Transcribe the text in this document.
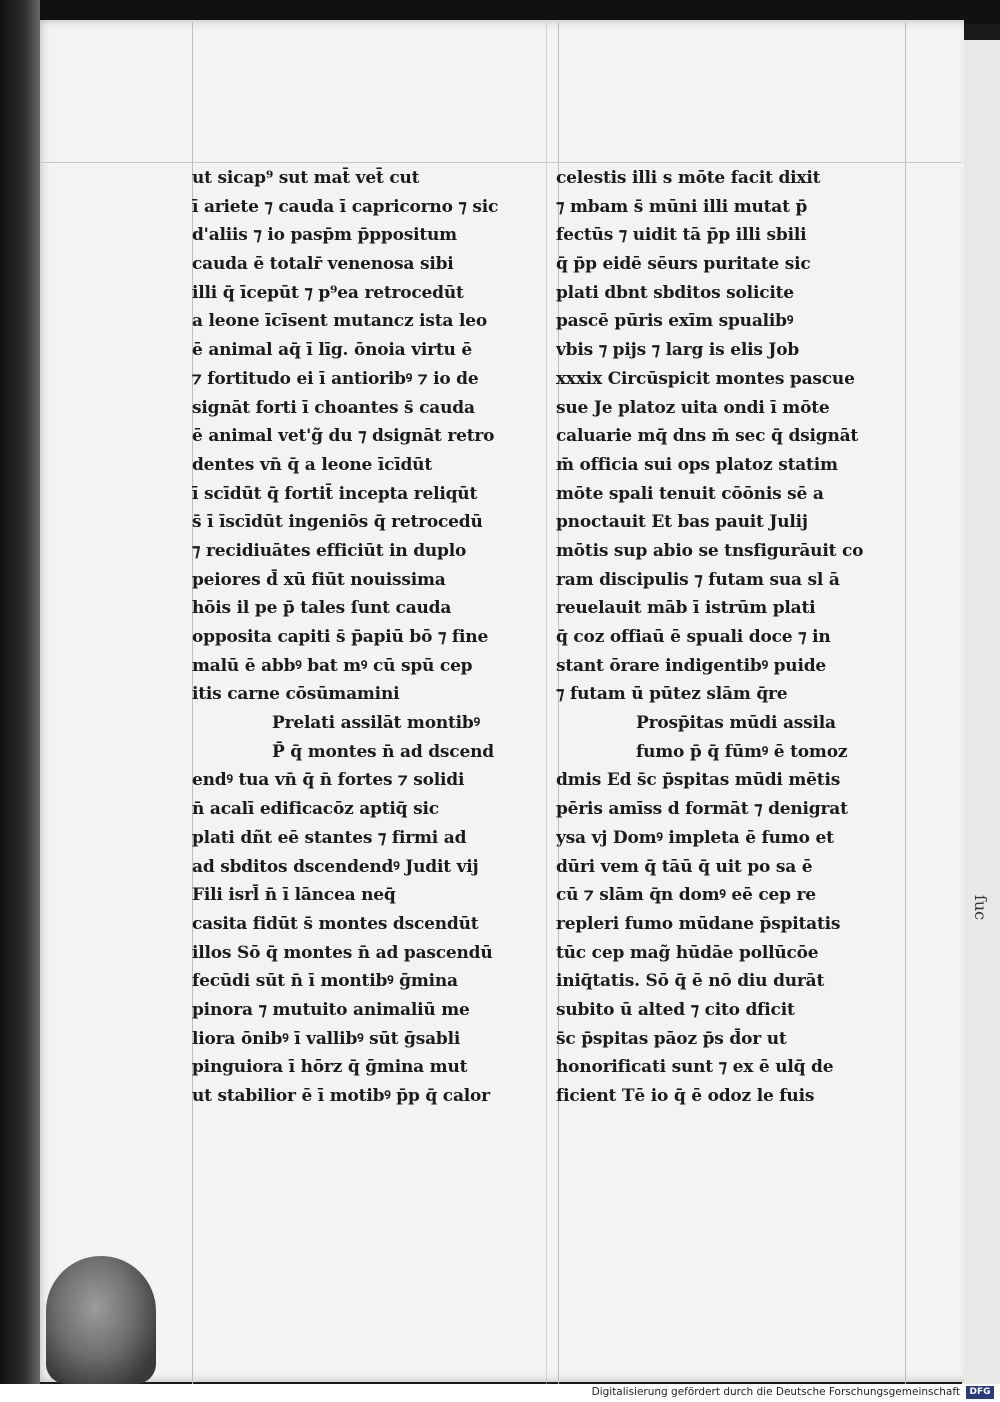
ut sicap⁹ sut mat̄ vet̄ cut
ī ariete ⁊ cauda ī capricorno ⁊ sic
d'aliis ⁊ io pasp̄m p̄ppositum
cauda ē totalr̄ venenosa sibi
illi q̄ īcepūt ⁊ p⁹ea retrocedūt
a leone īcīsent mutancz ista leo
ē animal aq̄ ī līg. ōnoia virtu ē
⁊ fortitudo ei ī antioribꝰ ⁊ io de
signāt forti ī choantes s̄ cauda
ē animal vet'g̃ du ⁊ dsignāt retro
dentes vn̄ q̄ a leone īcīdūt
ī scīdūt q̄ fortit̄ incepta reliqūt
s̄ ī īscīdūt ingeniōs q̄ retrocedū
⁊ recidiuātes efficiūt in duplo
peiores d̄ xū fiūt nouissima
hōis il pe p̄ tales ſunt cauda
opposita capiti s̄ p̄apiū bō ⁊ fine
malū ē abbꝰ bat mꝰ cū spū cep
itis carne cōsūmamini
Prelati assilāt montibꝰ
P̄ q̄ montes n̄ ad dscend
endꝰ tua vn̄ q̄ n̄ fortes ⁊ solidi
n̄ acalī edificacōz aptiq̄ sic
plati dñt eē stantes ⁊ firmi ad
ad sbditos dscendendꝰ Judit vij
Fili isrl̄ n̄ ī lāncea neq̄
casita fidūt s̄ montes dscendūt
illos Sō q̄ montes n̄ ad pascendū
fecūdi sūt n̄ ī montibꝰ ḡmina
pinora ⁊ mutuito animaliū me
liora ōnibꝰ ī vallibꝰ sūt ḡsabli
pinguiora ī hōrz q̄ ḡmina mut
ut stabilior ē ī motibꝰ p̄p q̄ calor
celestis illi s mōte facit dixit
⁊ mbam s̄ mūni illi mutat p̄
fectūs ⁊ uidit tā p̄p illi sbili
q̄ p̄p eidē sēurs puritate sic
plati dbnt sbditos solicite
pascē pūris exīm spualibꝰ
vbis ⁊ pijs ⁊ larg is elis Job
xxxix Circūspicit montes pascue
sue Je platoz uita ondi ī mōte
caluarie mq̄ dns m̄ sec q̄ dsignāt
m̄ officia sui ops platoz statim
mōte spali tenuit cōōnis sē a
pnoctauit Et bas pauit Julij
mōtis sup abio se tnsfigurāuit co
ram discipulis ⁊ futam sua sl ā
reuelauit māb ī istrūm plati
q̄ coz offiaū ē spuali doce ⁊ in
stant ōrare indigentibꝰ puide
⁊ futam ū pūtez slām q̄re
Prosp̄itas mūdi assila
fumo p̄ q̄ fūmꝰ ē tomoz
dmis Ed s̄c p̄spitas mūdi mētis
pēris amīss d formāt ⁊ denigrat
ysa vj Domꝰ impleta ē fumo et
dūri vem q̄ tāū q̄ uit po sa ē
cū ⁊ slām q̄n domꝰ eē cep re
repleri fumo mūdane p̄spitatis
tūc cep mag̃ hūdāe pollūcōe
iniq̄tatis. Sō q̄ ē nō diu durāt
subito ū alted ⁊ cito dficit
s̄c p̄spitas pāoz p̄s d̄or ut
honorificati sunt ⁊ ex ē ulq̄ de
ficient Tē io q̄ ē odoz le fuis
ſuc
Digitalisierung gefördert durch die Deutsche Forschungsgemeinschaft	DFG
